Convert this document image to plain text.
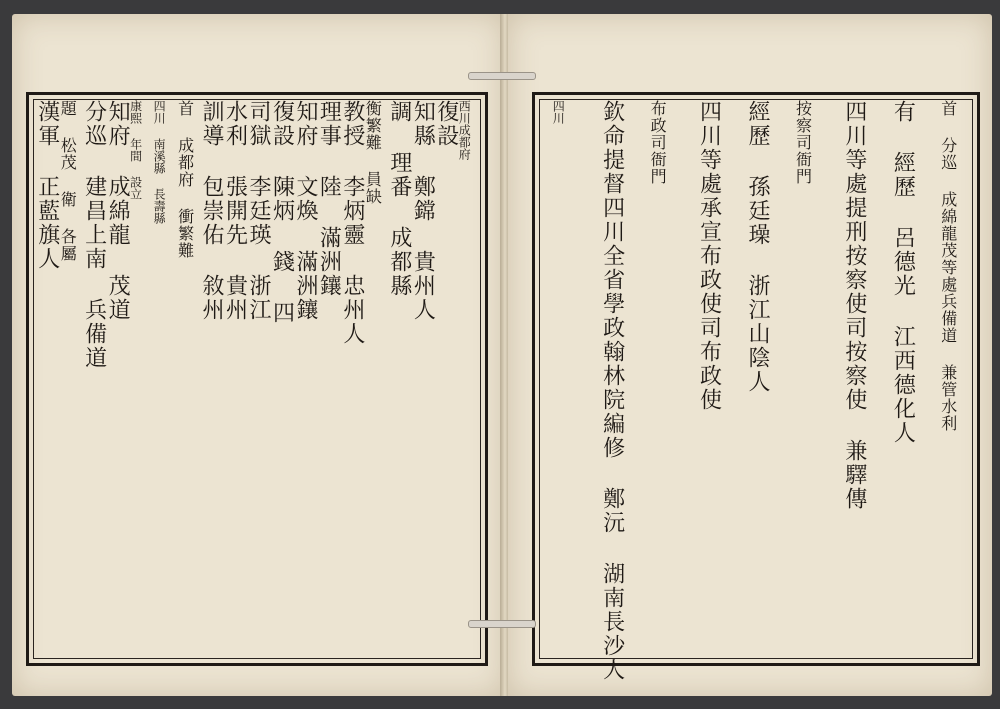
西川成都府
復設
知縣 鄭鏛 貴州人
調 理番 成都縣
衡繁難 員缺
教授 李炳靈 忠州人
理事 陸 滿洲鑲
知府 文煥 滿洲鑲
復設 陳炳 錢 四
司獄 李廷瑛 浙江
水利 張開先 貴州
訓導 包崇佑 敘州
首 成都府 衝繁難
四川 南溪縣 長壽縣
康熙 年間 設立
知府 成綿龍 茂道
分巡 建昌上南 兵備道
題 松茂 衛 各屬
漢軍 正藍旗人	首 分巡 成綿龍茂等處兵備道 兼管水利
有 經歷 呂德光 江西德化人
四川等處提刑按察使司按察使 兼驛傳
按察司衙門
經歷 孫廷璪 浙江山陰人
四川等處承宣布政使司布政使
布政司衙門
欽命提督四川全省學政翰林院編修 鄭沅 湖南長沙人
四川
